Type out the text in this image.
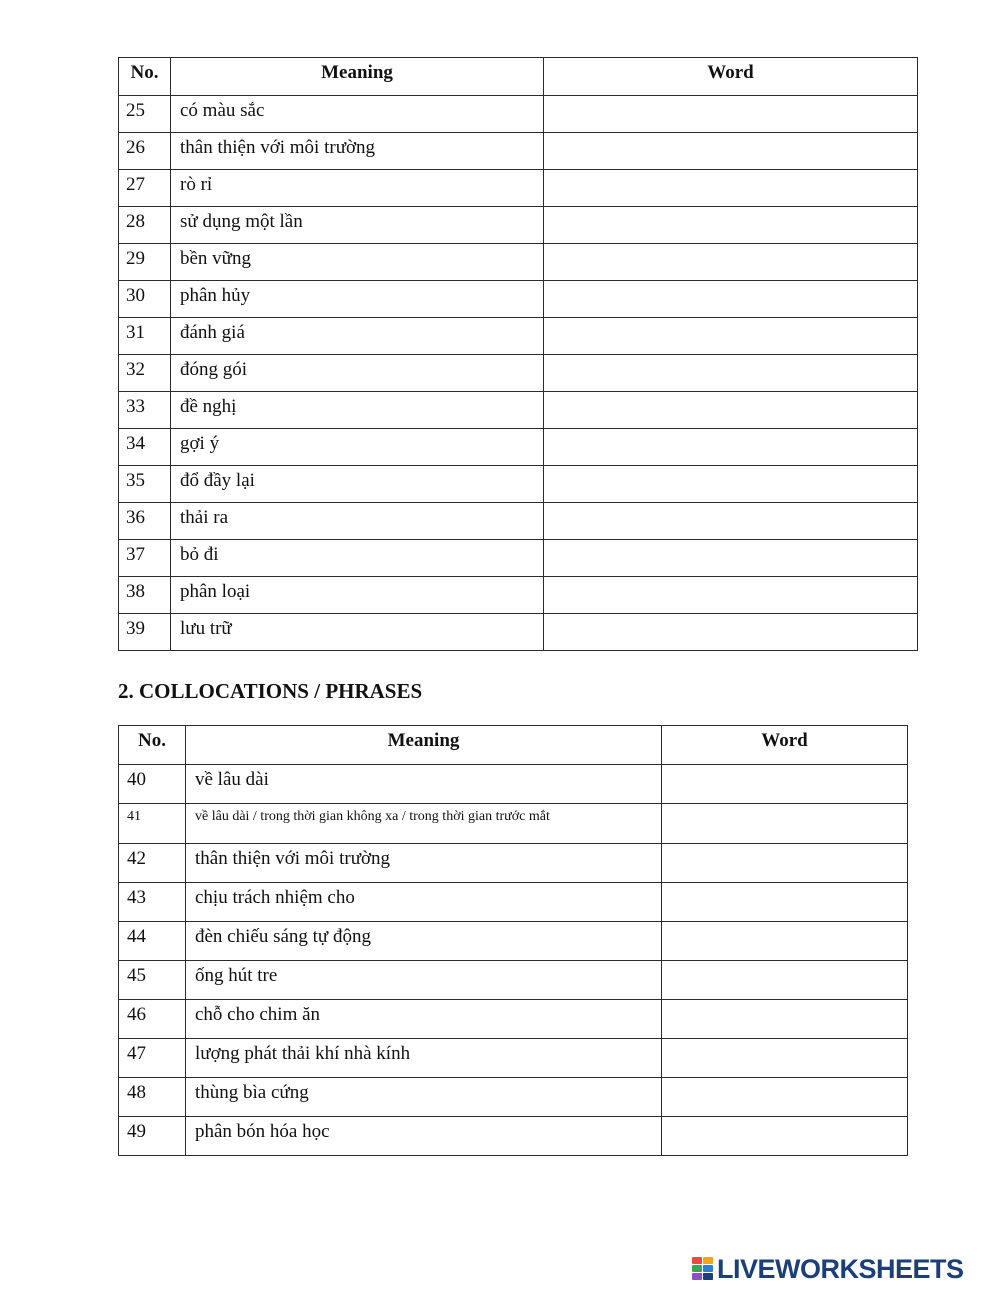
No.	Meaning	Word
25	có màu sắc	
26	thân thiện với môi trường	
27	rò rỉ	
28	sử dụng một lần	
29	bền vững	
30	phân hủy	
31	đánh giá	
32	đóng gói	
33	đề nghị	
34	gợi ý	
35	đổ đầy lại	
36	thải ra	
37	bỏ đi	
38	phân loại	
39	lưu trữ	
2. COLLOCATIONS / PHRASES
No.	Meaning	Word
40	về lâu dài	
41	về lâu dài / trong thời gian không xa / trong thời gian trước mắt	
42	thân thiện với môi trường	
43	chịu trách nhiệm cho	
44	đèn chiếu sáng tự động	
45	ống hút tre	
46	chỗ cho chim ăn	
47	lượng phát thải khí nhà kính	
48	thùng bìa cứng	
49	phân bón hóa học	
LIVEWORKSHEETS
